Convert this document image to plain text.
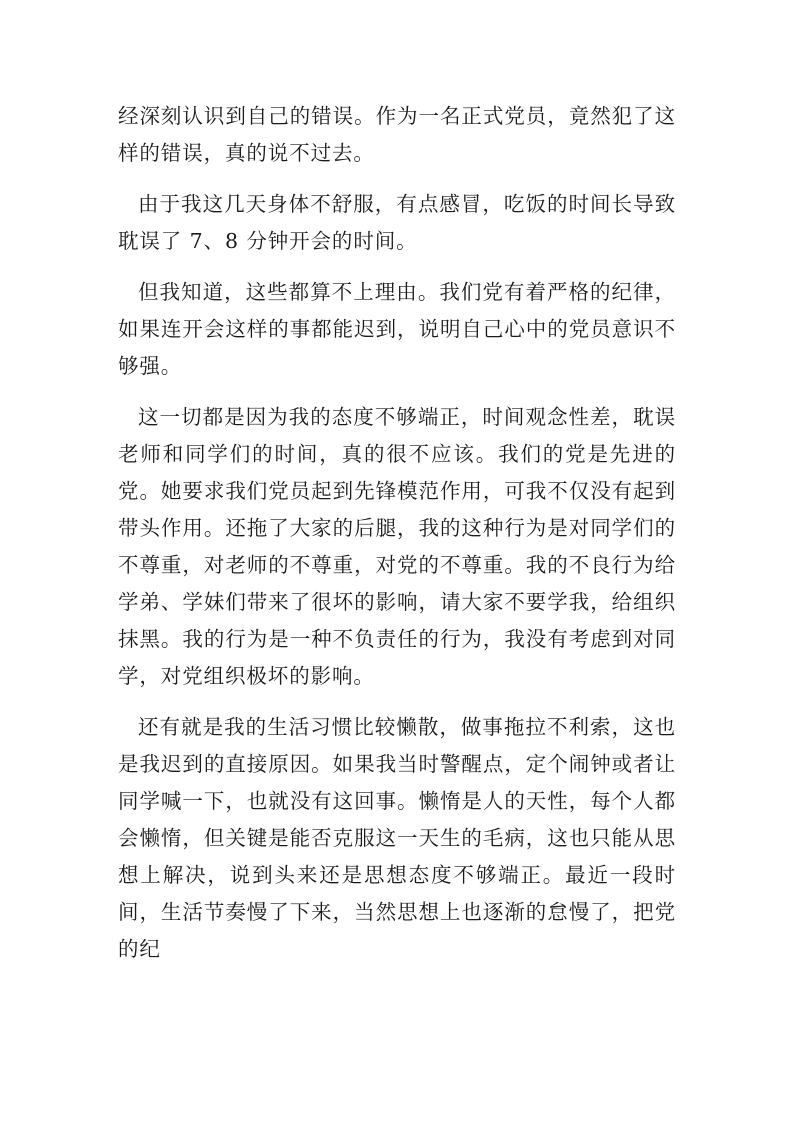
经深刻认识到自己的错误。作为一名正式党员，竟然犯了这样的错误，真的说不过去。

由于我这几天身体不舒服，有点感冒，吃饭的时间长导致耽误了 7、8 分钟开会的时间。

但我知道，这些都算不上理由。我们党有着严格的纪律，如果连开会这样的事都能迟到，说明自己心中的党员意识不够强。

这一切都是因为我的态度不够端正，时间观念性差，耽误老师和同学们的时间，真的很不应该。我们的党是先进的党。她要求我们党员起到先锋模范作用，可我不仅没有起到带头作用。还拖了大家的后腿，我的这种行为是对同学们的不尊重，对老师的不尊重，对党的不尊重。我的不良行为给学弟、学妹们带来了很坏的影响，请大家不要学我，给组织抹黑。我的行为是一种不负责任的行为，我没有考虑到对同学，对党组织极坏的影响。

还有就是我的生活习惯比较懒散，做事拖拉不利索，这也是我迟到的直接原因。如果我当时警醒点，定个闹钟或者让同学喊一下，也就没有这回事。懒惰是人的天性，每个人都会懒惰，但关键是能否克服这一天生的毛病，这也只能从思想上解决，说到头来还是思想态度不够端正。最近一段时间，生活节奏慢了下来，当然思想上也逐渐的怠慢了，把党的纪
